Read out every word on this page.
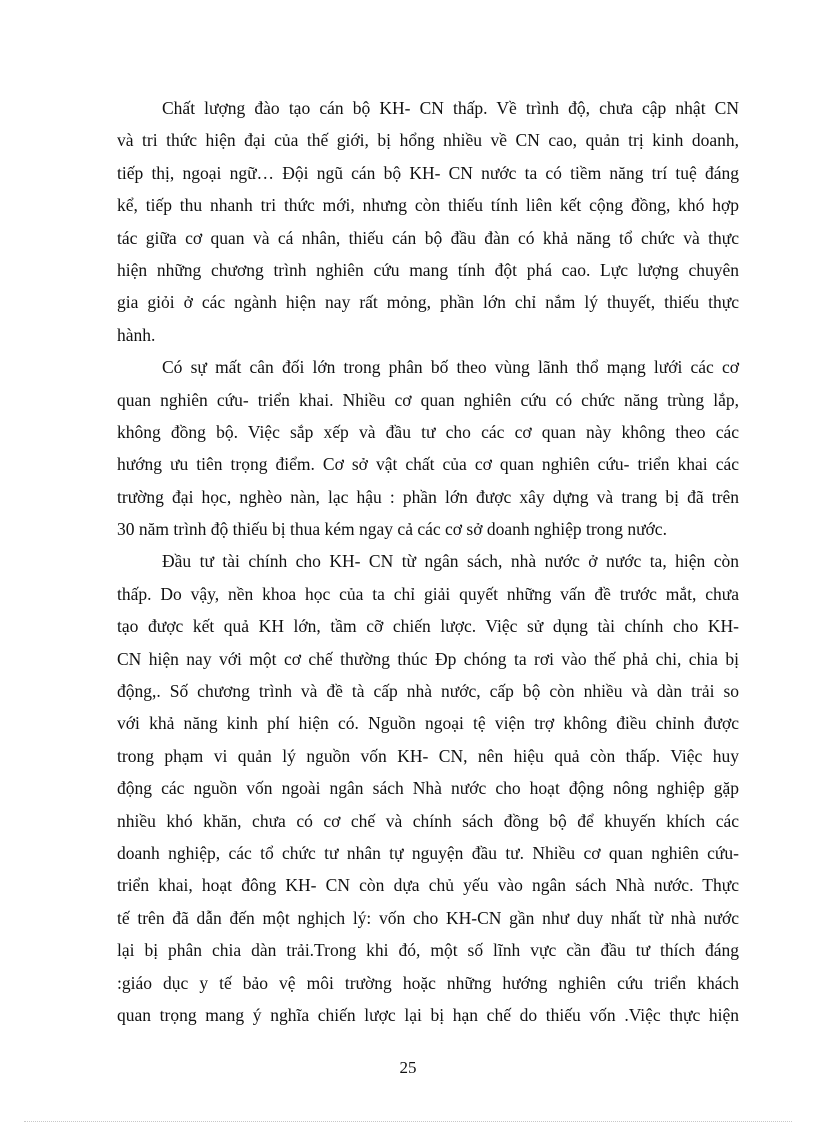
Chất lượng đào tạo cán bộ KH- CN thấp. Về trình độ, chưa cập nhật CN
và tri thức hiện đại của thế giới, bị hổng nhiều về CN cao, quản trị kinh doanh,
tiếp thị, ngoại ngữ… Đội ngũ cán bộ KH- CN nước ta có tiềm năng trí tuệ đáng
kể, tiếp thu nhanh tri thức mới, nhưng còn thiếu tính liên kết cộng đồng, khó hợp
tác giữa cơ quan và cá nhân, thiếu cán bộ đầu đàn có khả năng tổ chức và thực
hiện những chương trình nghiên cứu mang tính đột phá cao. Lực lượng chuyên
gia giỏi ở các ngành hiện nay rất mỏng, phần lớn chỉ nắm lý thuyết, thiếu thực
hành.
Có sự mất cân đối lớn trong phân bố theo vùng lãnh thổ mạng lưới các cơ
quan nghiên cứu- triển khai. Nhiều cơ quan nghiên cứu có chức năng trùng lắp,
không đồng bộ. Việc sắp xếp và đầu tư cho các cơ quan này không theo các
hướng ưu tiên trọng điểm. Cơ sở vật chất của cơ quan nghiên cứu- triển khai các
trường đại học, nghèo nàn, lạc hậu : phần lớn được xây dựng và trang bị đã trên
30 năm trình độ thiếu bị thua kém ngay cả các cơ sở doanh nghiệp trong nước.
Đầu tư tài chính cho KH- CN từ ngân sách, nhà nước ở nước ta, hiện còn
thấp. Do vậy, nền khoa học của ta chỉ giải quyết những vấn đề trước mắt, chưa
tạo được kết quả KH lớn, tầm cỡ chiến lược. Việc sử dụng tài chính cho KH-
CN hiện nay với một cơ chế thường thúc Đp chóng ta rơi vào thế phả chi, chia bị
động,. Số chương trình và đề tà cấp nhà nước, cấp bộ còn nhiều và dàn trải so
với khả năng kinh phí hiện có. Nguồn ngoại tệ viện trợ không điều chỉnh được
trong phạm vi quản lý nguồn vốn KH- CN, nên hiệu quả còn thấp. Việc huy
động các nguồn vốn ngoài ngân sách Nhà nước cho hoạt động nông nghiệp gặp
nhiều khó khăn, chưa có cơ chế và chính sách đồng bộ để khuyến khích các
doanh nghiệp, các tổ chức tư nhân tự nguyện đầu tư. Nhiều cơ quan nghiên cứu-
triển khai, hoạt đông KH- CN còn dựa chủ yếu vào ngân sách Nhà nước. Thực
tế trên đã dẫn đến một nghịch lý: vốn cho KH-CN gần như duy nhất từ nhà nước
lại bị phân chia dàn trải.Trong khi đó, một số lĩnh vực cần đầu tư thích đáng
:giáo dục y tế bảo vệ môi trường hoặc những hướng nghiên cứu triển khách
quan trọng mang ý nghĩa chiến lược lại bị hạn chế do thiếu vốn .Việc thực hiện
25
